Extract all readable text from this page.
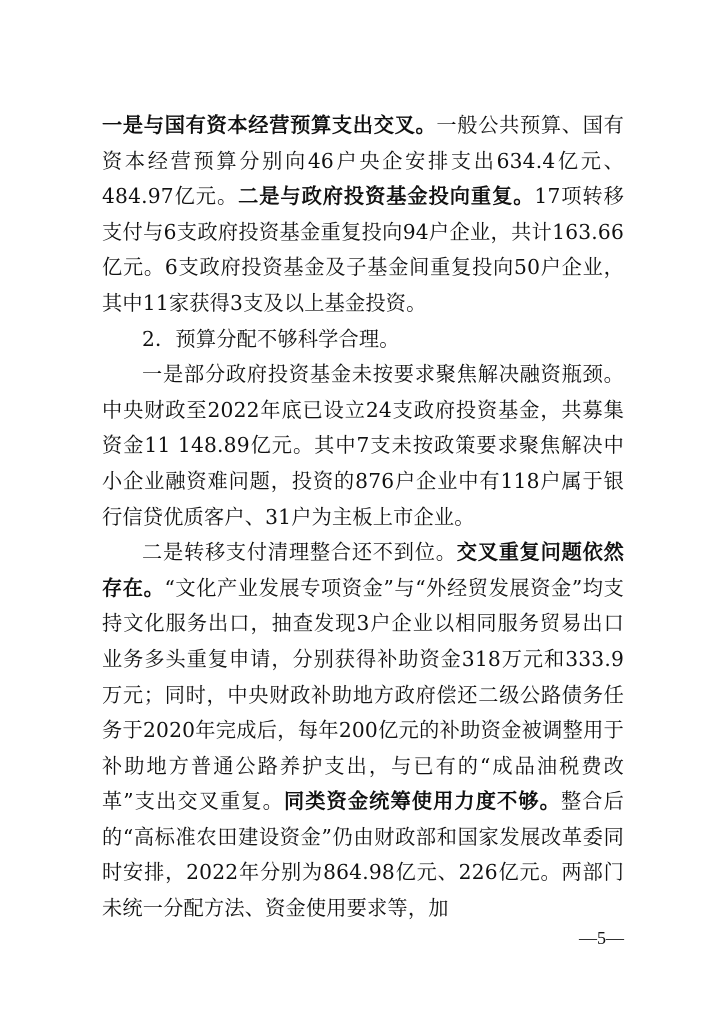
一是与国有资本经营预算支出交叉。一般公共预算、国有资本经营预算分别向46户央企安排支出634.4亿元、484.97亿元。二是与政府投资基金投向重复。17项转移支付与6支政府投资基金重复投向94户企业，共计163.66亿元。6支政府投资基金及子基金间重复投向50户企业，其中11家获得3支及以上基金投资。

2．预算分配不够科学合理。

一是部分政府投资基金未按要求聚焦解决融资瓶颈。中央财政至2022年底已设立24支政府投资基金，共募集资金11 148.89亿元。其中7支未按政策要求聚焦解决中小企业融资难问题，投资的876户企业中有118户属于银行信贷优质客户、31户为主板上市企业。

二是转移支付清理整合还不到位。交叉重复问题依然存在。“文化产业发展专项资金”与“外经贸发展资金”均支持文化服务出口，抽查发现3户企业以相同服务贸易出口业务多头重复申请，分别获得补助资金318万元和333.9万元；同时，中央财政补助地方政府偿还二级公路债务任务于2020年完成后，每年200亿元的补助资金被调整用于补助地方普通公路养护支出，与已有的“成品油税费改革”支出交叉重复。同类资金统筹使用力度不够。整合后的“高标准农田建设资金”仍由财政部和国家发展改革委同时安排，2022年分别为864.98亿元、226亿元。两部门未统一分配方法、资金使用要求等，加

—5—
